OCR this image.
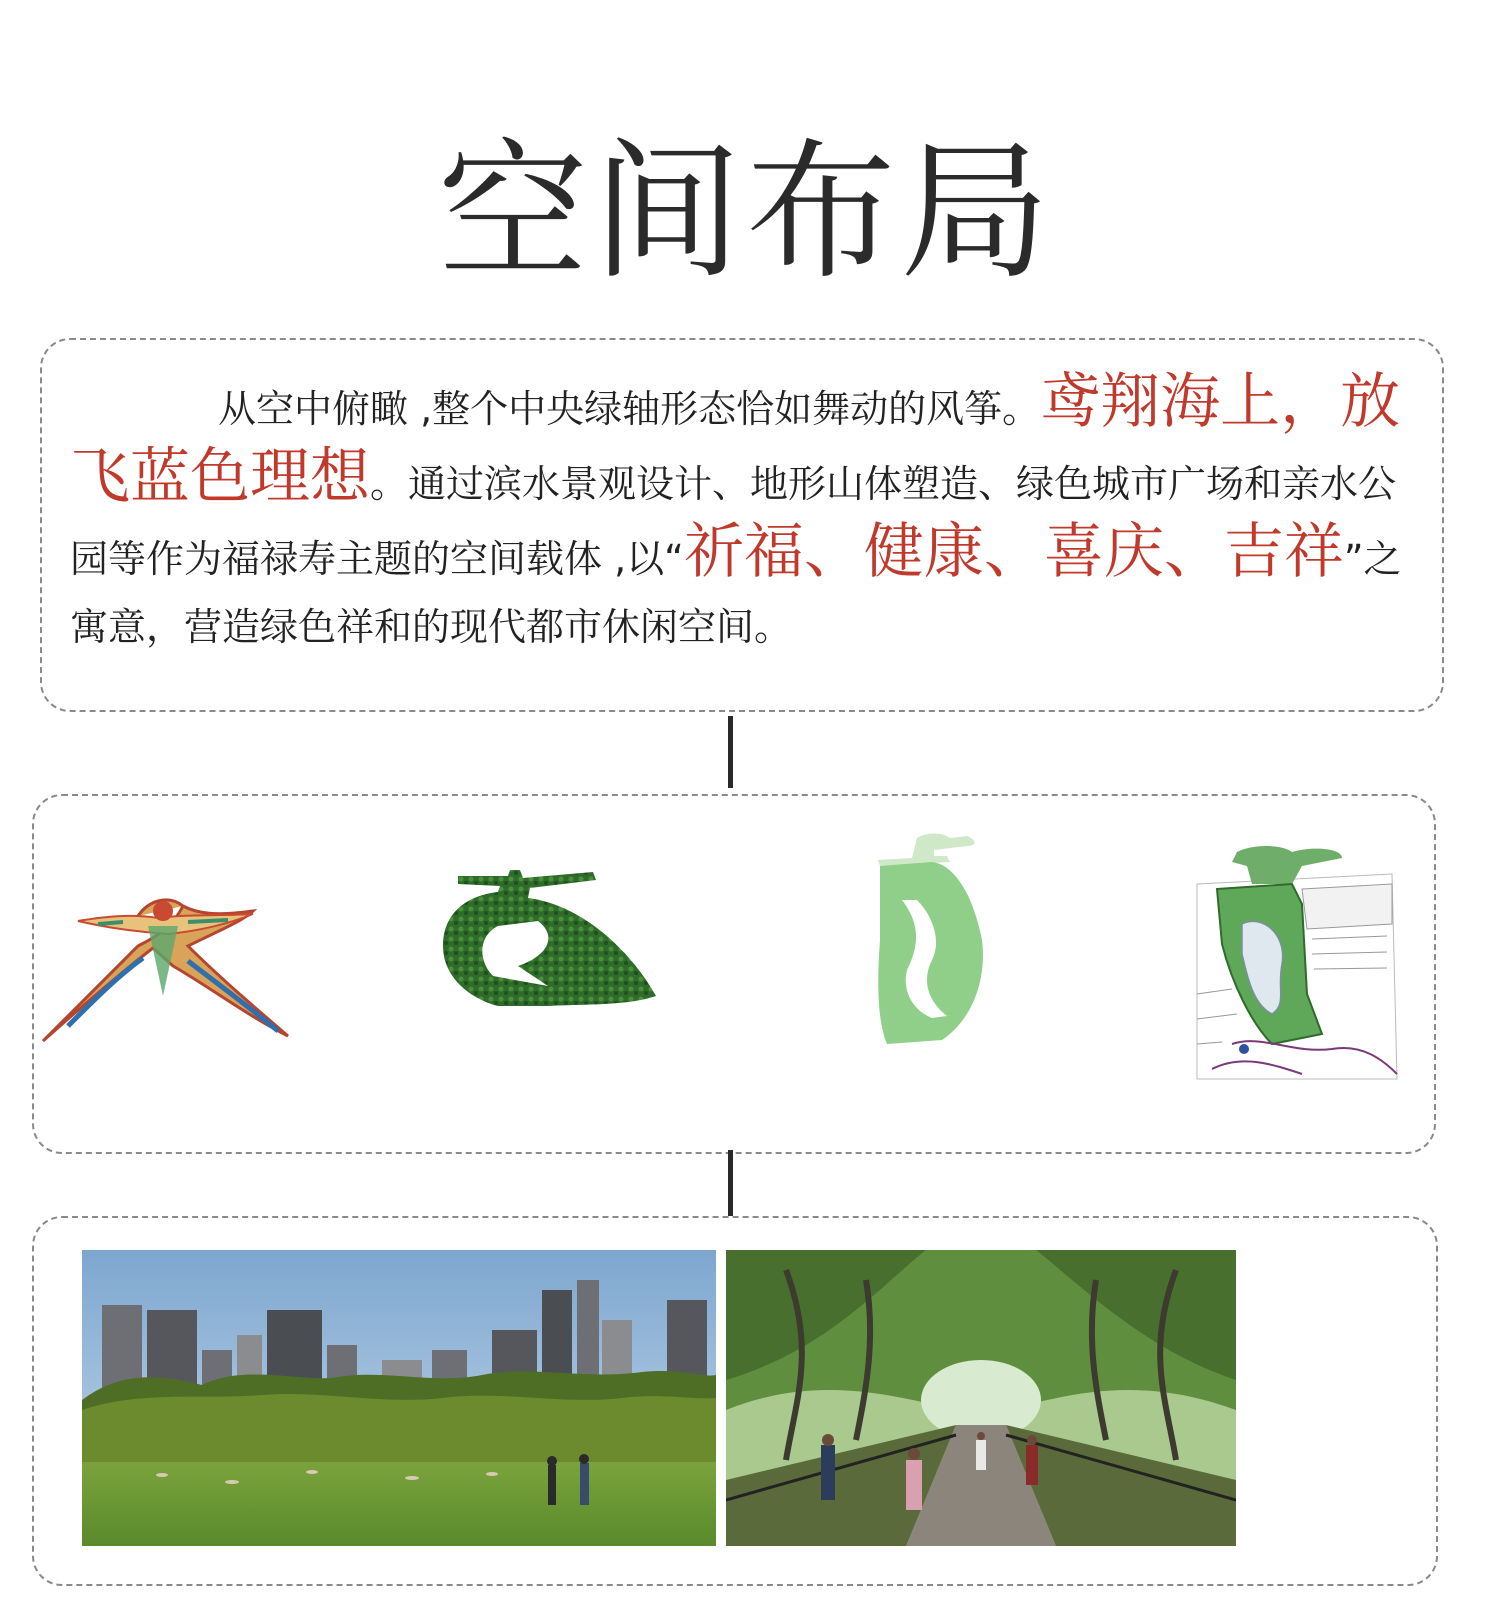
空间布局
从空中俯瞰 ,整个中央绿轴形态恰如舞动的风筝。鸢翔海上，放飞蓝色理想。通过滨水景观设计、地形山体塑造、绿色城市广场和亲水公园等作为福禄寿主题的空间载体 ,以“祈福、健康、喜庆、吉祥”之寓意，营造绿色祥和的现代都市休闲空间。
